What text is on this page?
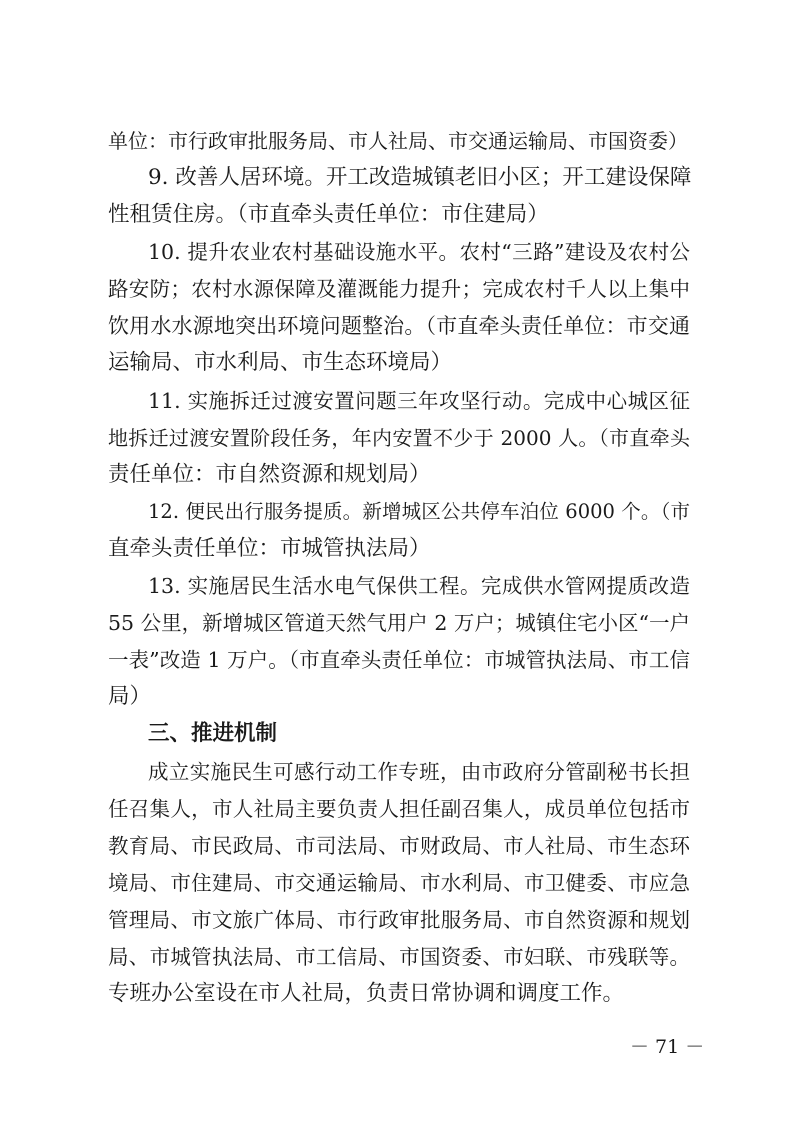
单位：市行政审批服务局、市人社局、市交通运输局、市国资委）
9. 改善人居环境。开工改造城镇老旧小区；开工建设保障
性租赁住房。（市直牵头责任单位：市住建局）
10. 提升农业农村基础设施水平。农村“三路”建设及农村公
路安防；农村水源保障及灌溉能力提升；完成农村千人以上集中
饮用水水源地突出环境问题整治。（市直牵头责任单位：市交通
运输局、市水利局、市生态环境局）
11. 实施拆迁过渡安置问题三年攻坚行动。完成中心城区征
地拆迁过渡安置阶段任务，年内安置不少于 2000 人。（市直牵头
责任单位：市自然资源和规划局）
12. 便民出行服务提质。新增城区公共停车泊位 6000 个。（市
直牵头责任单位：市城管执法局）
13. 实施居民生活水电气保供工程。完成供水管网提质改造
55 公里，新增城区管道天然气用户 2 万户；城镇住宅小区“一户
一表”改造 1 万户。（市直牵头责任单位：市城管执法局、市工信
局）
三、推进机制
成立实施民生可感行动工作专班，由市政府分管副秘书长担
任召集人，市人社局主要负责人担任副召集人，成员单位包括市
教育局、市民政局、市司法局、市财政局、市人社局、市生态环
境局、市住建局、市交通运输局、市水利局、市卫健委、市应急
管理局、市文旅广体局、市行政审批服务局、市自然资源和规划
局、市城管执法局、市工信局、市国资委、市妇联、市残联等。
专班办公室设在市人社局，负责日常协调和调度工作。
－ 71 －
